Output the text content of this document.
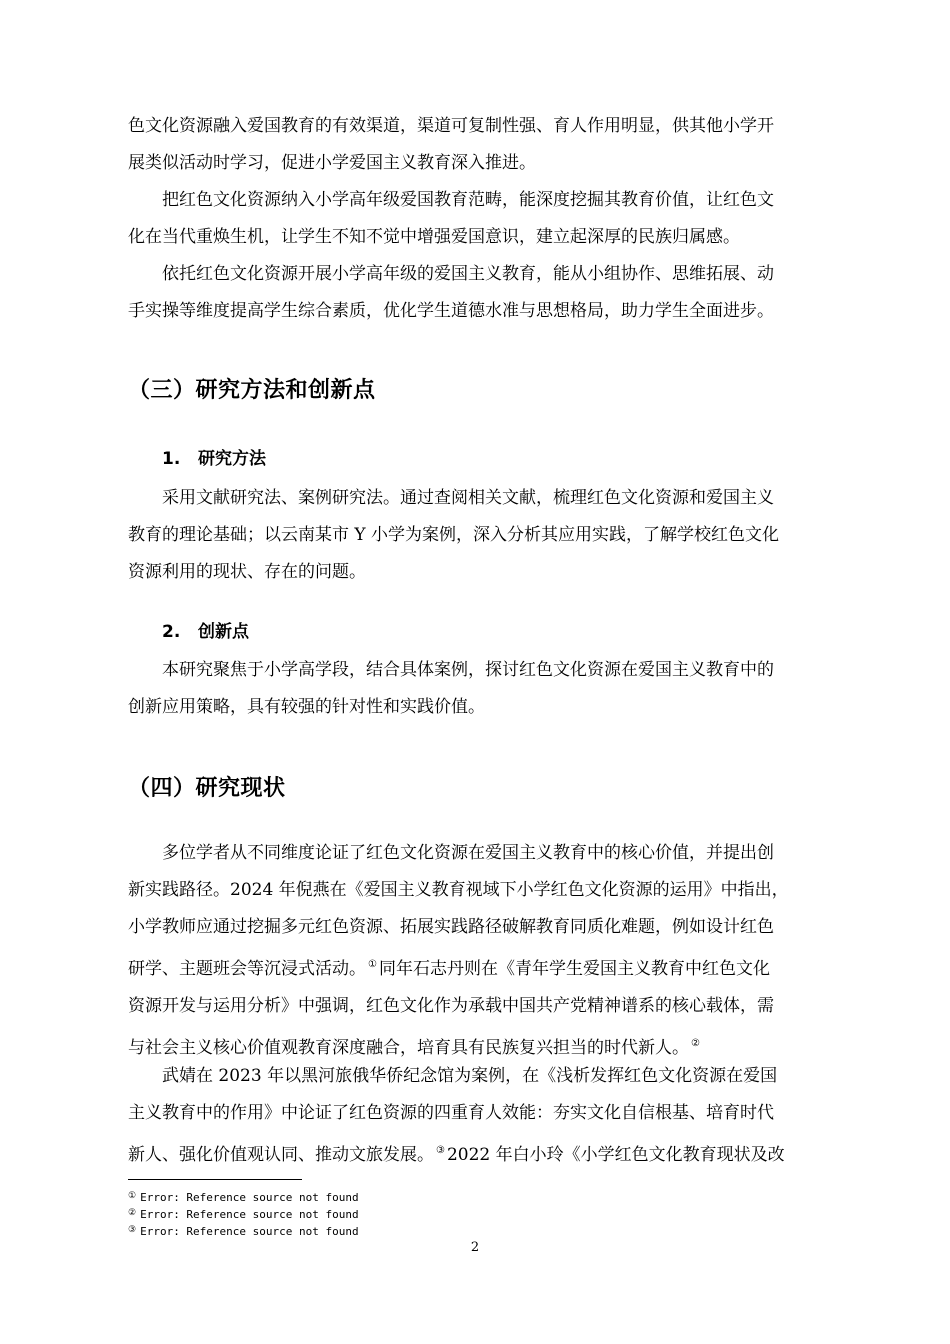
色文化资源融入爱国教育的有效渠道，渠道可复制性强、育人作用明显，供其他小学开
展类似活动时学习，促进小学爱国主义教育深入推进。

把红色文化资源纳入小学高年级爱国教育范畴，能深度挖掘其教育价值，让红色文
化在当代重焕生机，让学生不知不觉中增强爱国意识，建立起深厚的民族归属感。

依托红色文化资源开展小学高年级的爱国主义教育，能从小组协作、思维拓展、动
手实操等维度提高学生综合素质，优化学生道德水准与思想格局，助力学生全面进步。

（三）研究方法和创新点
1. 研究方法

采用文献研究法、案例研究法。通过查阅相关文献，梳理红色文化资源和爱国主义
教育的理论基础；以云南某市 Y 小学为案例，深入分析其应用实践，了解学校红色文化
资源利用的现状、存在的问题。

2. 创新点

本研究聚焦于小学高学段，结合具体案例，探讨红色文化资源在爱国主义教育中的
创新应用策略，具有较强的针对性和实践价值。

（四）研究现状

多位学者从不同维度论证了红色文化资源在爱国主义教育中的核心价值，并提出创
新实践路径。2024 年倪燕在《爱国主义教育视域下小学红色文化资源的运用》中指出，
小学教师应通过挖掘多元红色资源、拓展实践路径破解教育同质化难题，例如设计红色
研学、主题班会等沉浸式活动。 ① 同年石志丹则在《青年学生爱国主义教育中红色文化
资源开发与运用分析》中强调，红色文化作为承载中国共产党精神谱系的核心载体，需
与社会主义核心价值观教育深度融合，培育具有民族复兴担当的时代新人。 ②

武婧在 2023 年以黑河旅俄华侨纪念馆为案例，在《浅析发挥红色文化资源在爱国
主义教育中的作用》中论证了红色资源的四重育人效能：夯实文化自信根基、培育时代
新人、强化价值观认同、推动文旅发展。 ③ 2022 年白小玲《小学红色文化教育现状及改

① Error: Reference source not found
② Error: Reference source not found
③ Error: Reference source not found
2
